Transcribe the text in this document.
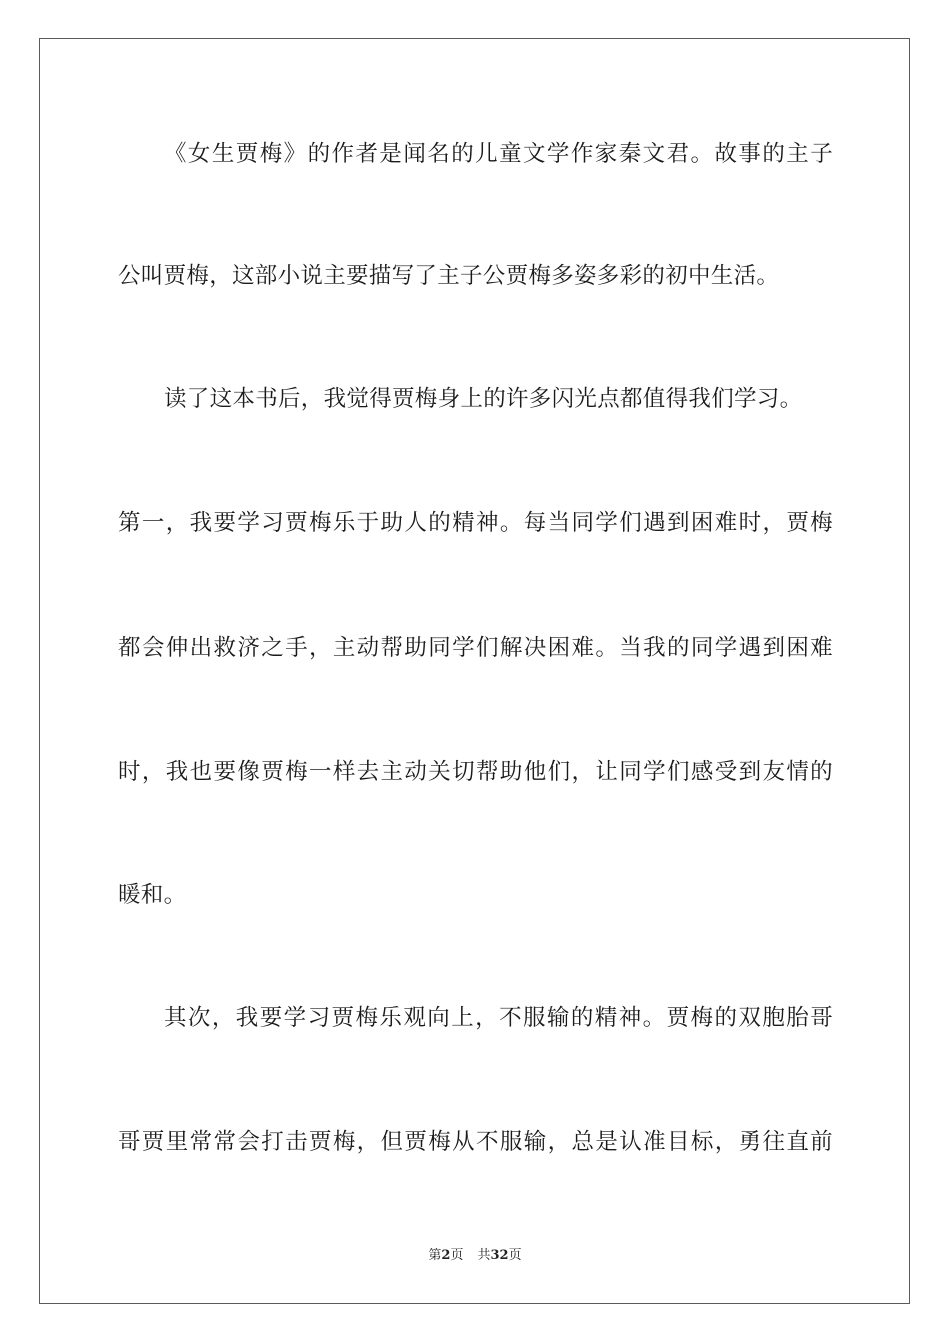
《女生贾梅》的作者是闻名的儿童文学作家秦文君。故事的主子
公叫贾梅，这部小说主要描写了主子公贾梅多姿多彩的初中生活。
读了这本书后，我觉得贾梅身上的许多闪光点都值得我们学习。
第一，我要学习贾梅乐于助人的精神。每当同学们遇到困难时，贾梅
都会伸出救济之手，主动帮助同学们解决困难。当我的同学遇到困难
时，我也要像贾梅一样去主动关切帮助他们，让同学们感受到友情的
暖和。
其次，我要学习贾梅乐观向上，不服输的精神。贾梅的双胞胎哥
哥贾里常常会打击贾梅，但贾梅从不服输，总是认准目标，勇往直前
第2页 共32页
